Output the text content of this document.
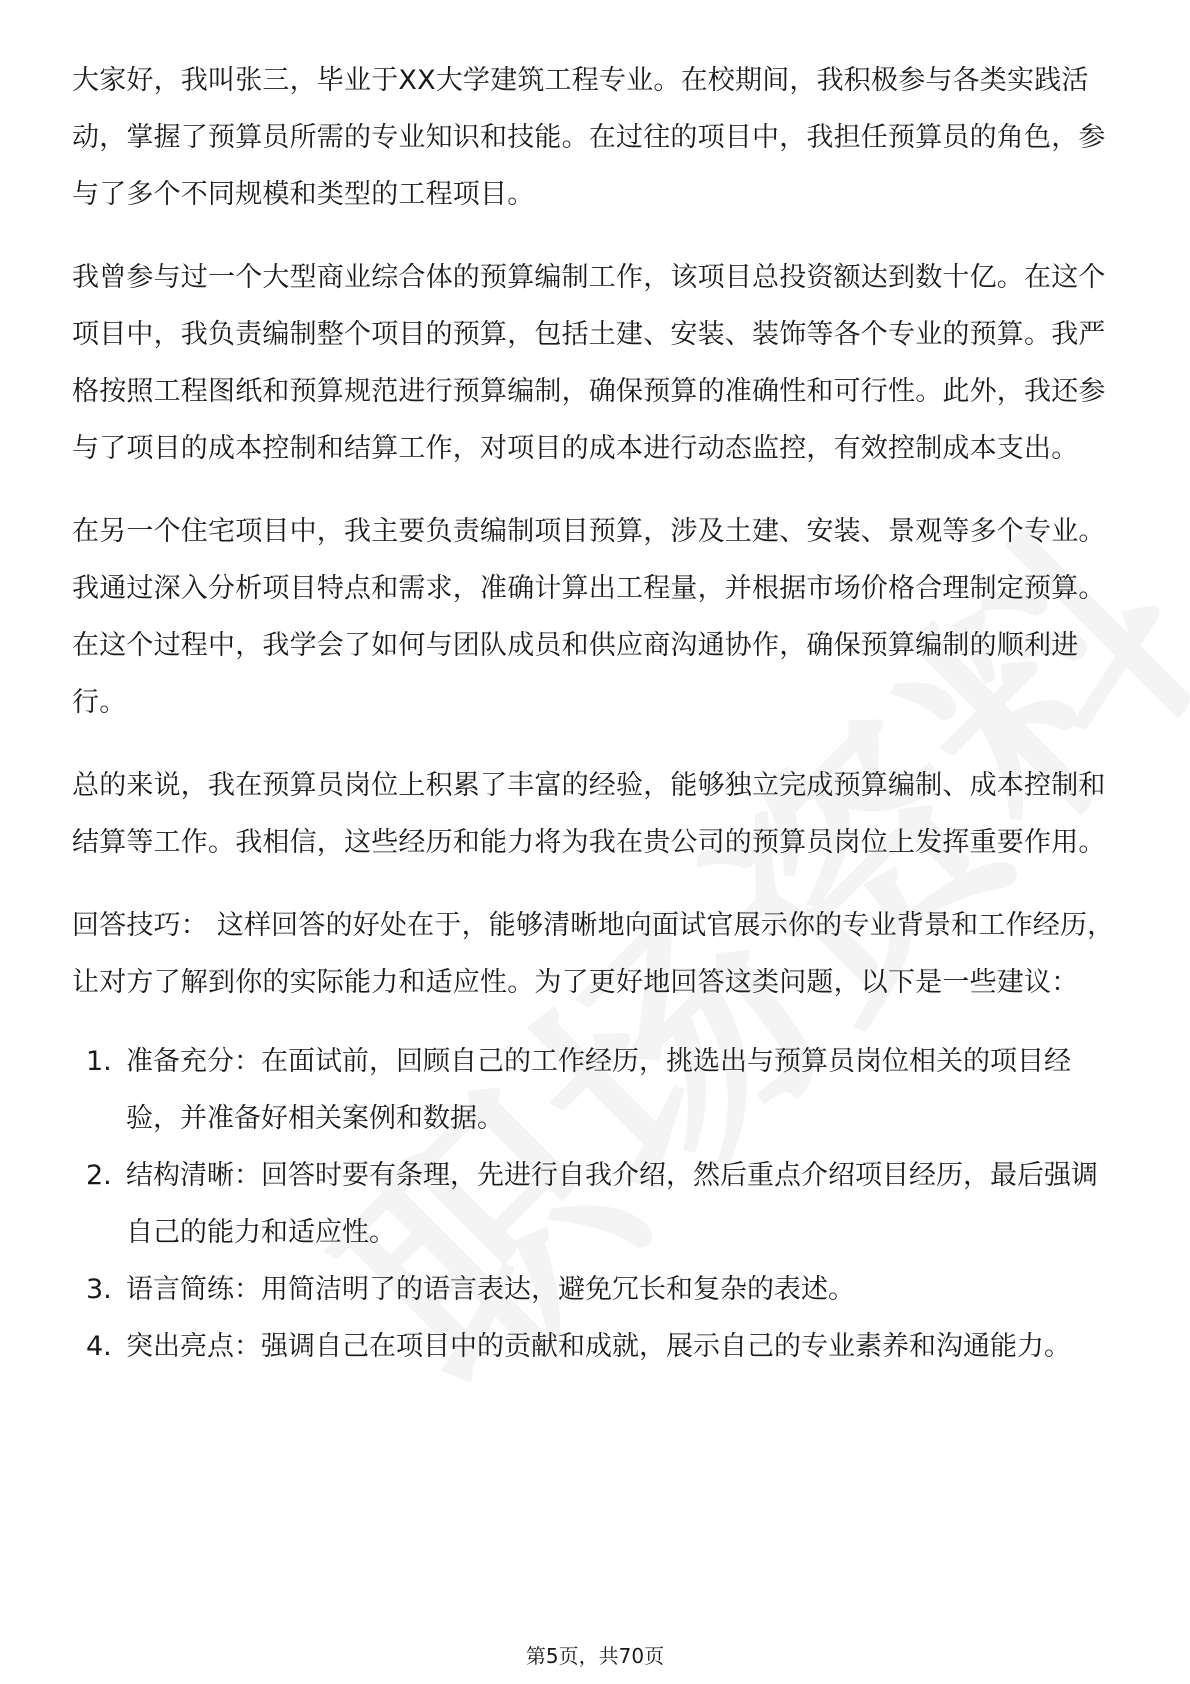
大家好，我叫张三，毕业于XX大学建筑工程专业。在校期间，我积极参与各类实践活动，掌握了预算员所需的专业知识和技能。在过往的项目中，我担任预算员的角色，参与了多个不同规模和类型的工程项目。

我曾参与过一个大型商业综合体的预算编制工作，该项目总投资额达到数十亿。在这个项目中，我负责编制整个项目的预算，包括土建、安装、装饰等各个专业的预算。我严格按照工程图纸和预算规范进行预算编制，确保预算的准确性和可行性。此外，我还参与了项目的成本控制和结算工作，对项目的成本进行动态监控，有效控制成本支出。

在另一个住宅项目中，我主要负责编制项目预算，涉及土建、安装、景观等多个专业。我通过深入分析项目特点和需求，准确计算出工程量，并根据市场价格合理制定预算。在这个过程中，我学会了如何与团队成员和供应商沟通协作，确保预算编制的顺利进行。

总的来说，我在预算员岗位上积累了丰富的经验，能够独立完成预算编制、成本控制和结算等工作。我相信，这些经历和能力将为我在贵公司的预算员岗位上发挥重要作用。

回答技巧： 这样回答的好处在于，能够清晰地向面试官展示你的专业背景和工作经历，让对方了解到你的实际能力和适应性。为了更好地回答这类问题，以下是一些建议：

1. 准备充分：在面试前，回顾自己的工作经历，挑选出与预算员岗位相关的项目经验，并准备好相关案例和数据。
2. 结构清晰：回答时要有条理，先进行自我介绍，然后重点介绍项目经历，最后强调自己的能力和适应性。
3. 语言简练：用简洁明了的语言表达，避免冗长和复杂的表述。
4. 突出亮点：强调自己在项目中的贡献和成就，展示自己的专业素养和沟通能力。
第5页，共70页
